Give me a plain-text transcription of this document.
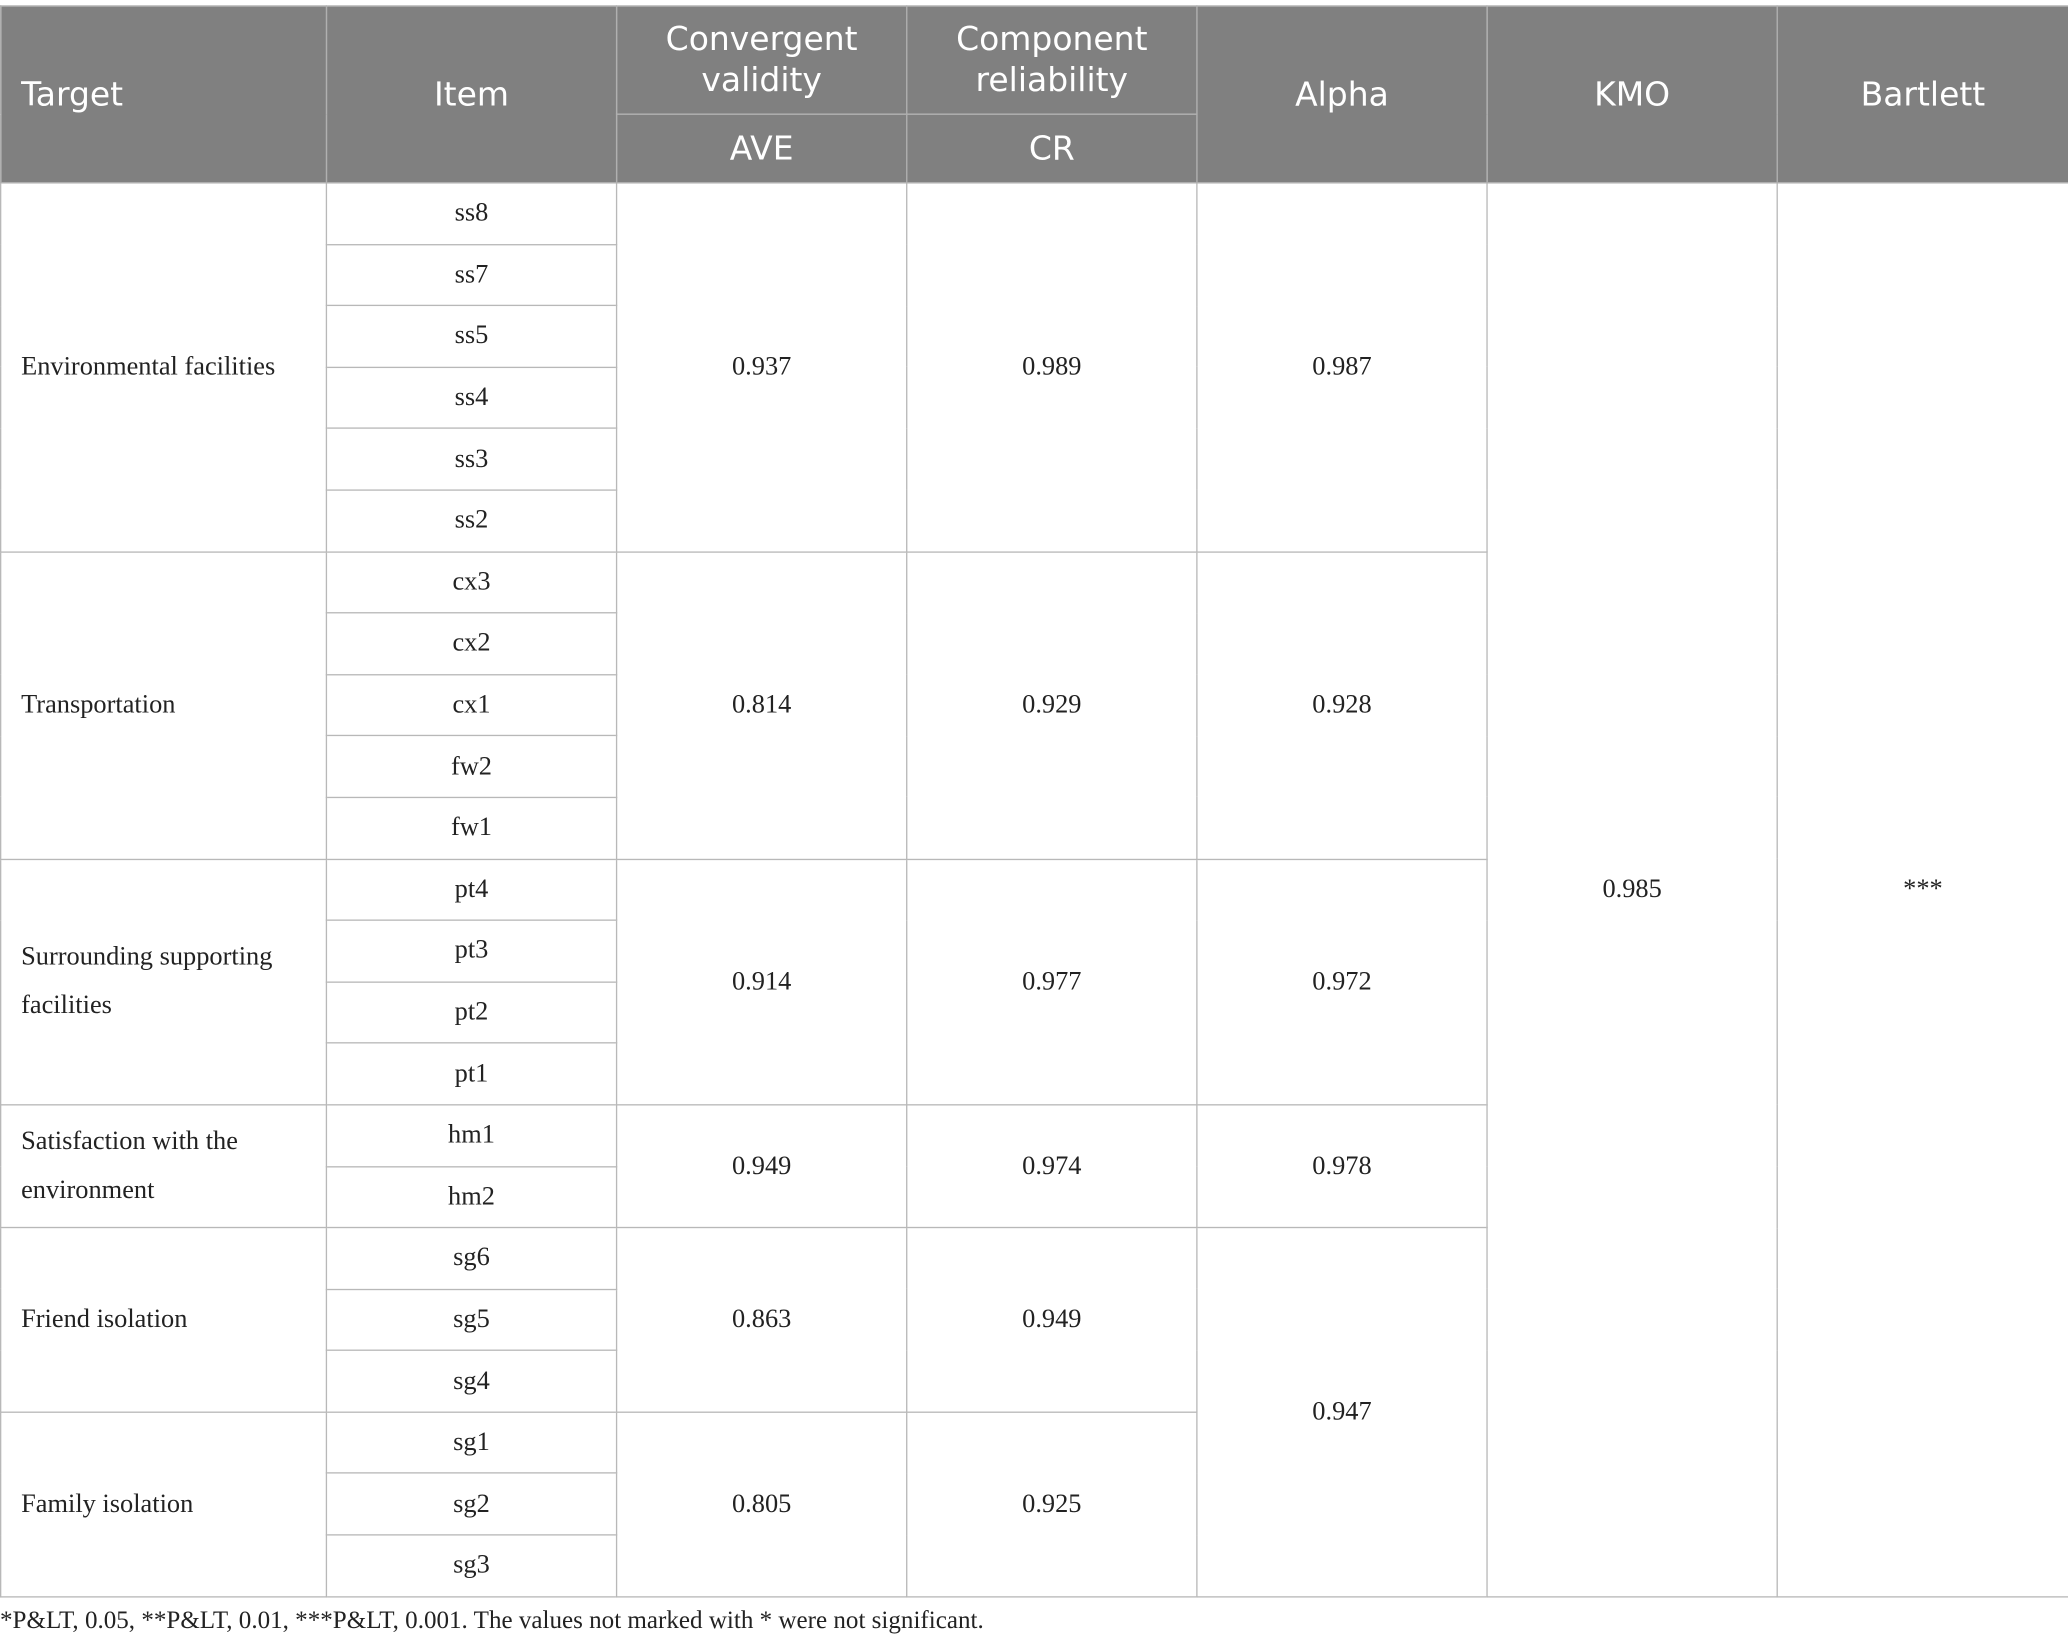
Target	Item	Convergent validity	Component reliability	Alpha	KMO	Bartlett
		AVE	CR			
Environmental facilities	ss8	0.937	0.989	0.987	0.985	***
	ss7					
	ss5					
	ss4					
	ss3					
	ss2					
Transportation	cx3	0.814	0.929	0.928		
	cx2					
	cx1					
	fw2					
	fw1					
Surrounding supporting facilities	pt4	0.914	0.977	0.972		
	pt3					
	pt2					
	pt1					
Satisfaction with the environment	hm1	0.949	0.974	0.978		
	hm2					
Friend isolation	sg6	0.863	0.949	0.947		
	sg5					
	sg4					
Family isolation	sg1	0.805	0.925			
	sg2					
	sg3					
*P&LT, 0.05, **P&LT, 0.01, ***P&LT, 0.001. The values not marked with * were not significant.
